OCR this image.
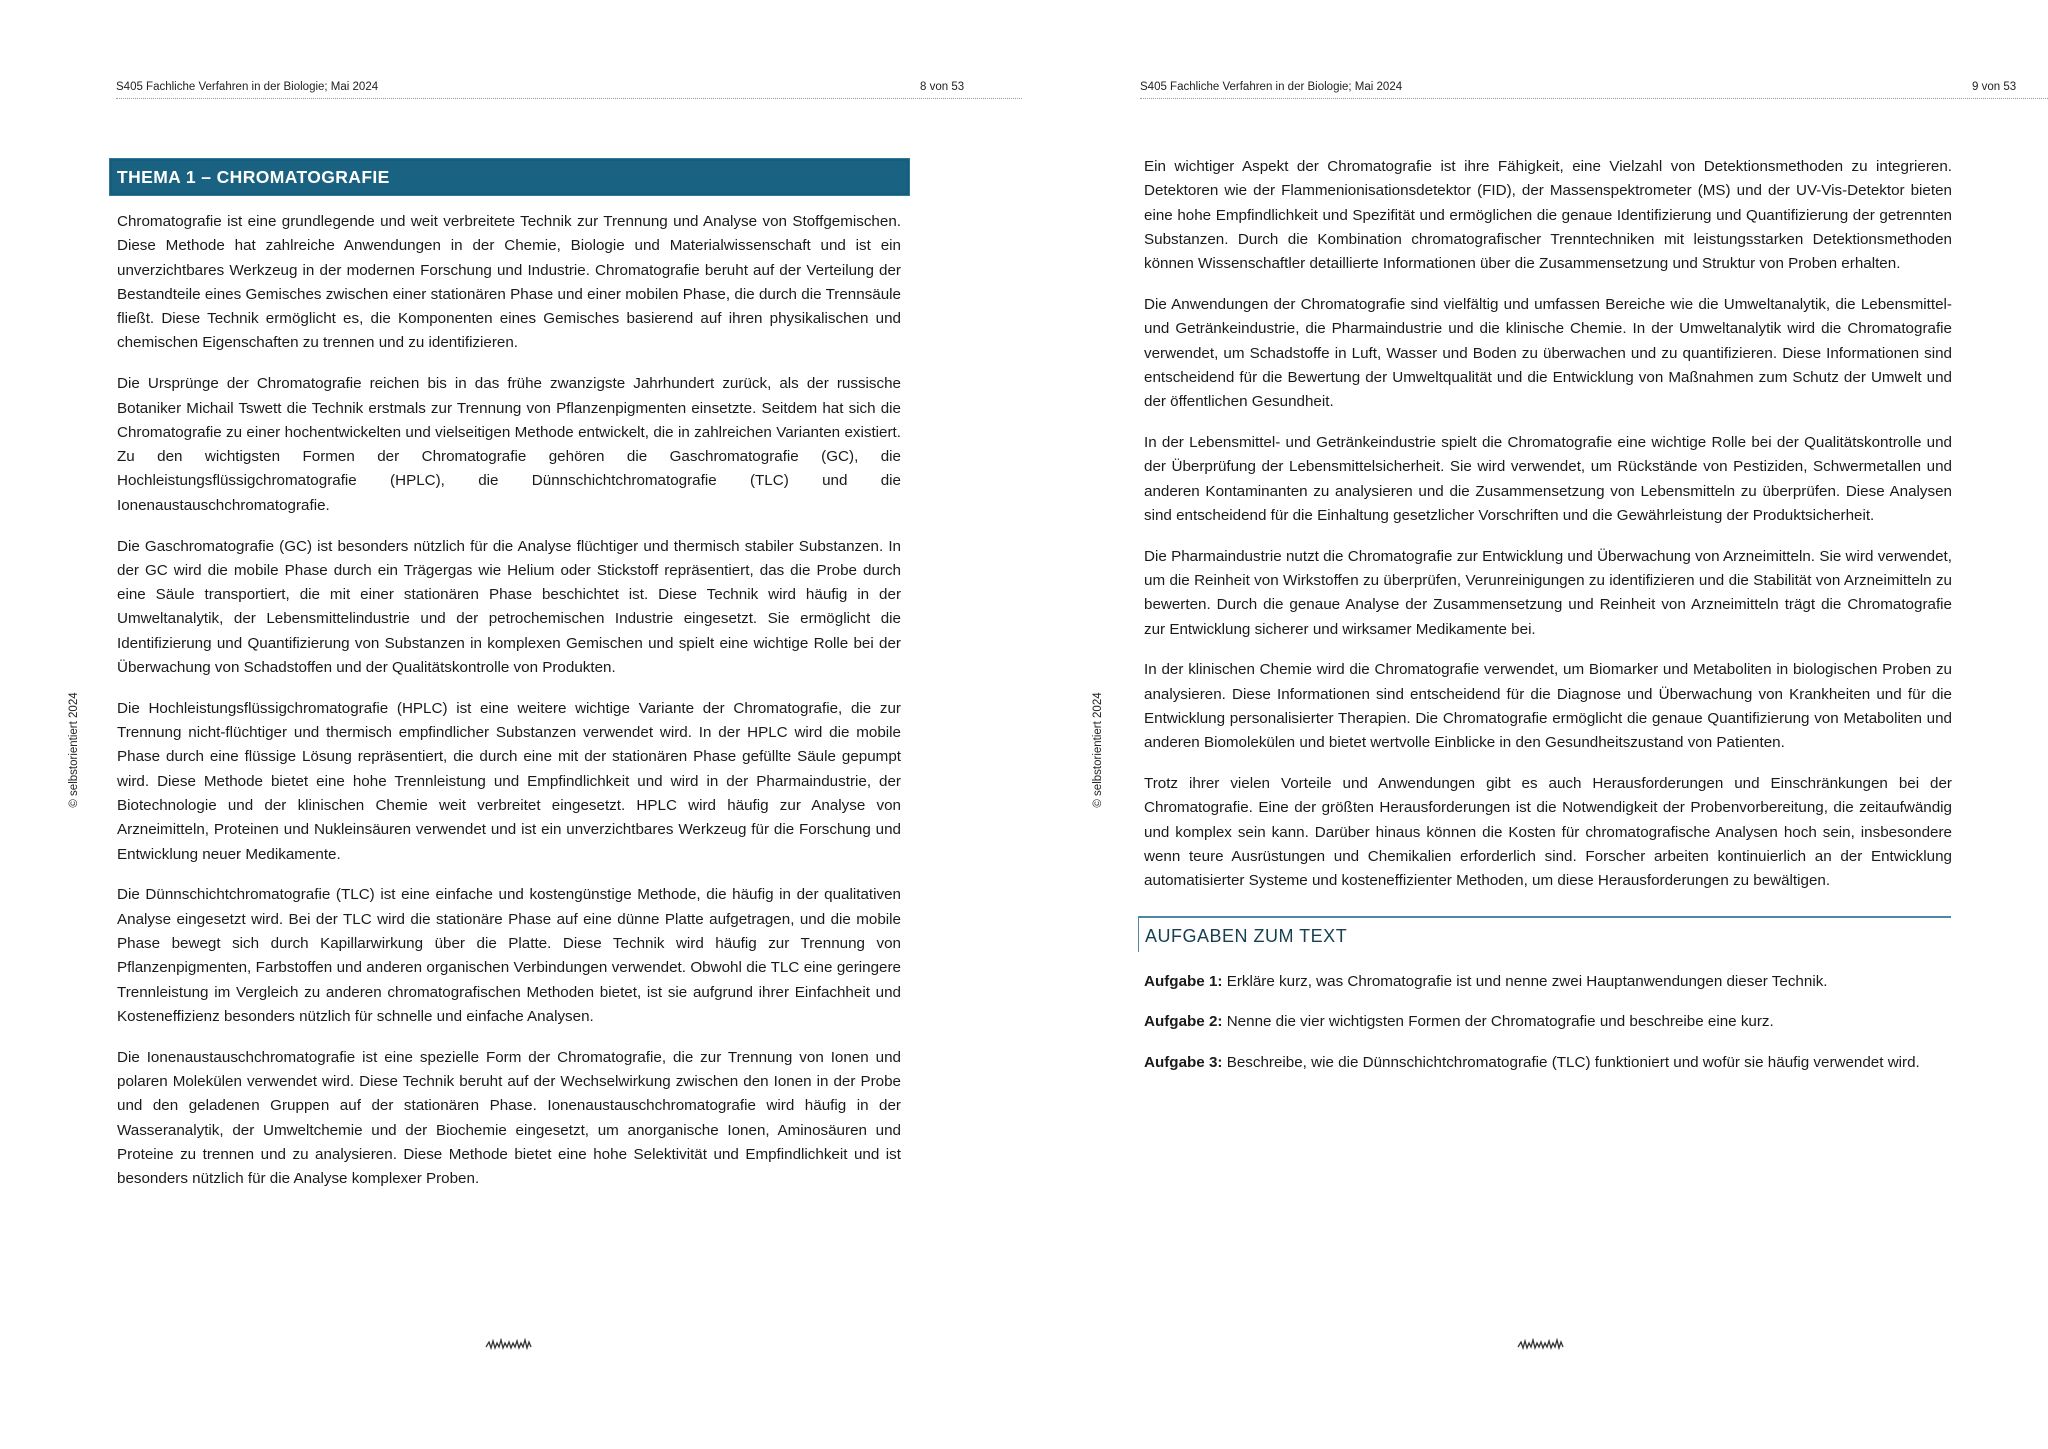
S405 Fachliche Verfahren in der Biologie; Mai 2024	8 von 53
© selbstorientiert 2024
THEMA 1 – CHROMATOGRAFIE

Chromatografie ist eine grundlegende und weit verbreitete Technik zur Trennung und Analyse von Stoffgemischen. Diese Methode hat zahlreiche Anwendungen in der Chemie, Biologie und Materialwissenschaft und ist ein unverzichtbares Werkzeug in der modernen Forschung und Industrie. Chromatografie beruht auf der Verteilung der Bestandteile eines Gemisches zwischen einer stationären Phase und einer mobilen Phase, die durch die Trennsäule fließt. Diese Technik ermöglicht es, die Komponenten eines Gemisches basierend auf ihren physikalischen und chemischen Eigenschaften zu trennen und zu identifizieren.

Die Ursprünge der Chromatografie reichen bis in das frühe zwanzigste Jahrhundert zurück, als der russische Botaniker Michail Tswett die Technik erstmals zur Trennung von Pflanzenpigmenten einsetzte. Seitdem hat sich die Chromatografie zu einer hochentwickelten und vielseitigen Methode entwickelt, die in zahlreichen Varianten existiert. Zu den wichtigsten Formen der Chromatografie gehören die Gaschromatografie (GC), die Hochleistungsflüssigchromatografie (HPLC), die Dünnschichtchromatografie (TLC) und die Ionenaustauschchromatografie.

Die Gaschromatografie (GC) ist besonders nützlich für die Analyse flüchtiger und thermisch stabiler Substanzen. In der GC wird die mobile Phase durch ein Trägergas wie Helium oder Stickstoff repräsentiert, das die Probe durch eine Säule transportiert, die mit einer stationären Phase beschichtet ist. Diese Technik wird häufig in der Umweltanalytik, der Lebensmittelindustrie und der petrochemischen Industrie eingesetzt. Sie ermöglicht die Identifizierung und Quantifizierung von Substanzen in komplexen Gemischen und spielt eine wichtige Rolle bei der Überwachung von Schadstoffen und der Qualitätskontrolle von Produkten.

Die Hochleistungsflüssigchromatografie (HPLC) ist eine weitere wichtige Variante der Chromatografie, die zur Trennung nicht-flüchtiger und thermisch empfindlicher Substanzen verwendet wird. In der HPLC wird die mobile Phase durch eine flüssige Lösung repräsentiert, die durch eine mit der stationären Phase gefüllte Säule gepumpt wird. Diese Methode bietet eine hohe Trennleistung und Empfindlichkeit und wird in der Pharmaindustrie, der Biotechnologie und der klinischen Chemie weit verbreitet eingesetzt. HPLC wird häufig zur Analyse von Arzneimitteln, Proteinen und Nukleinsäuren verwendet und ist ein unverzichtbares Werkzeug für die Forschung und Entwicklung neuer Medikamente.

Die Dünnschichtchromatografie (TLC) ist eine einfache und kostengünstige Methode, die häufig in der qualitativen Analyse eingesetzt wird. Bei der TLC wird die stationäre Phase auf eine dünne Platte aufgetragen, und die mobile Phase bewegt sich durch Kapillarwirkung über die Platte. Diese Technik wird häufig zur Trennung von Pflanzenpigmenten, Farbstoffen und anderen organischen Verbindungen verwendet. Obwohl die TLC eine geringere Trennleistung im Vergleich zu anderen chromatografischen Methoden bietet, ist sie aufgrund ihrer Einfachheit und Kosteneffizienz besonders nützlich für schnelle und einfache Analysen.

Die Ionenaustauschchromatografie ist eine spezielle Form der Chromatografie, die zur Trennung von Ionen und polaren Molekülen verwendet wird. Diese Technik beruht auf der Wechselwirkung zwischen den Ionen in der Probe und den geladenen Gruppen auf der stationären Phase. Ionenaustauschchromatografie wird häufig in der Wasseranalytik, der Umweltchemie und der Biochemie eingesetzt, um anorganische Ionen, Aminosäuren und Proteine zu trennen und zu analysieren. Diese Methode bietet eine hohe Selektivität und Empfindlichkeit und ist besonders nützlich für die Analyse komplexer Proben.

S405 Fachliche Verfahren in der Biologie; Mai 2024	9 von 53
© selbstorientiert 2024

Ein wichtiger Aspekt der Chromatografie ist ihre Fähigkeit, eine Vielzahl von Detektionsmethoden zu integrieren. Detektoren wie der Flammenionisationsdetektor (FID), der Massenspektrometer (MS) und der UV-Vis-Detektor bieten eine hohe Empfindlichkeit und Spezifität und ermöglichen die genaue Identifizierung und Quantifizierung der getrennten Substanzen. Durch die Kombination chromatografischer Trenntechniken mit leistungsstarken Detektionsmethoden können Wissenschaftler detaillierte Informationen über die Zusammensetzung und Struktur von Proben erhalten.

Die Anwendungen der Chromatografie sind vielfältig und umfassen Bereiche wie die Umweltanalytik, die Lebensmittel- und Getränkeindustrie, die Pharmaindustrie und die klinische Chemie. In der Umweltanalytik wird die Chromatografie verwendet, um Schadstoffe in Luft, Wasser und Boden zu überwachen und zu quantifizieren. Diese Informationen sind entscheidend für die Bewertung der Umweltqualität und die Entwicklung von Maßnahmen zum Schutz der Umwelt und der öffentlichen Gesundheit.

In der Lebensmittel- und Getränkeindustrie spielt die Chromatografie eine wichtige Rolle bei der Qualitätskontrolle und der Überprüfung der Lebensmittelsicherheit. Sie wird verwendet, um Rückstände von Pestiziden, Schwermetallen und anderen Kontaminanten zu analysieren und die Zusammensetzung von Lebensmitteln zu überprüfen. Diese Analysen sind entscheidend für die Einhaltung gesetzlicher Vorschriften und die Gewährleistung der Produktsicherheit.

Die Pharmaindustrie nutzt die Chromatografie zur Entwicklung und Überwachung von Arzneimitteln. Sie wird verwendet, um die Reinheit von Wirkstoffen zu überprüfen, Verunreinigungen zu identifizieren und die Stabilität von Arzneimitteln zu bewerten. Durch die genaue Analyse der Zusammensetzung und Reinheit von Arzneimitteln trägt die Chromatografie zur Entwicklung sicherer und wirksamer Medikamente bei.

In der klinischen Chemie wird die Chromatografie verwendet, um Biomarker und Metaboliten in biologischen Proben zu analysieren. Diese Informationen sind entscheidend für die Diagnose und Überwachung von Krankheiten und für die Entwicklung personalisierter Therapien. Die Chromatografie ermöglicht die genaue Quantifizierung von Metaboliten und anderen Biomolekülen und bietet wertvolle Einblicke in den Gesundheitszustand von Patienten.

Trotz ihrer vielen Vorteile und Anwendungen gibt es auch Herausforderungen und Einschränkungen bei der Chromatografie. Eine der größten Herausforderungen ist die Notwendigkeit der Probenvorbereitung, die zeitaufwändig und komplex sein kann. Darüber hinaus können die Kosten für chromatografische Analysen hoch sein, insbesondere wenn teure Ausrüstungen und Chemikalien erforderlich sind. Forscher arbeiten kontinuierlich an der Entwicklung automatisierter Systeme und kosteneffizienter Methoden, um diese Herausforderungen zu bewältigen.

AUFGABEN ZUM TEXT

Aufgabe 1: Erkläre kurz, was Chromatografie ist und nenne zwei Hauptanwendungen dieser Technik.

Aufgabe 2: Nenne die vier wichtigsten Formen der Chromatografie und beschreibe eine kurz.

Aufgabe 3: Beschreibe, wie die Dünnschichtchromatografie (TLC) funktioniert und wofür sie häufig verwendet wird.
